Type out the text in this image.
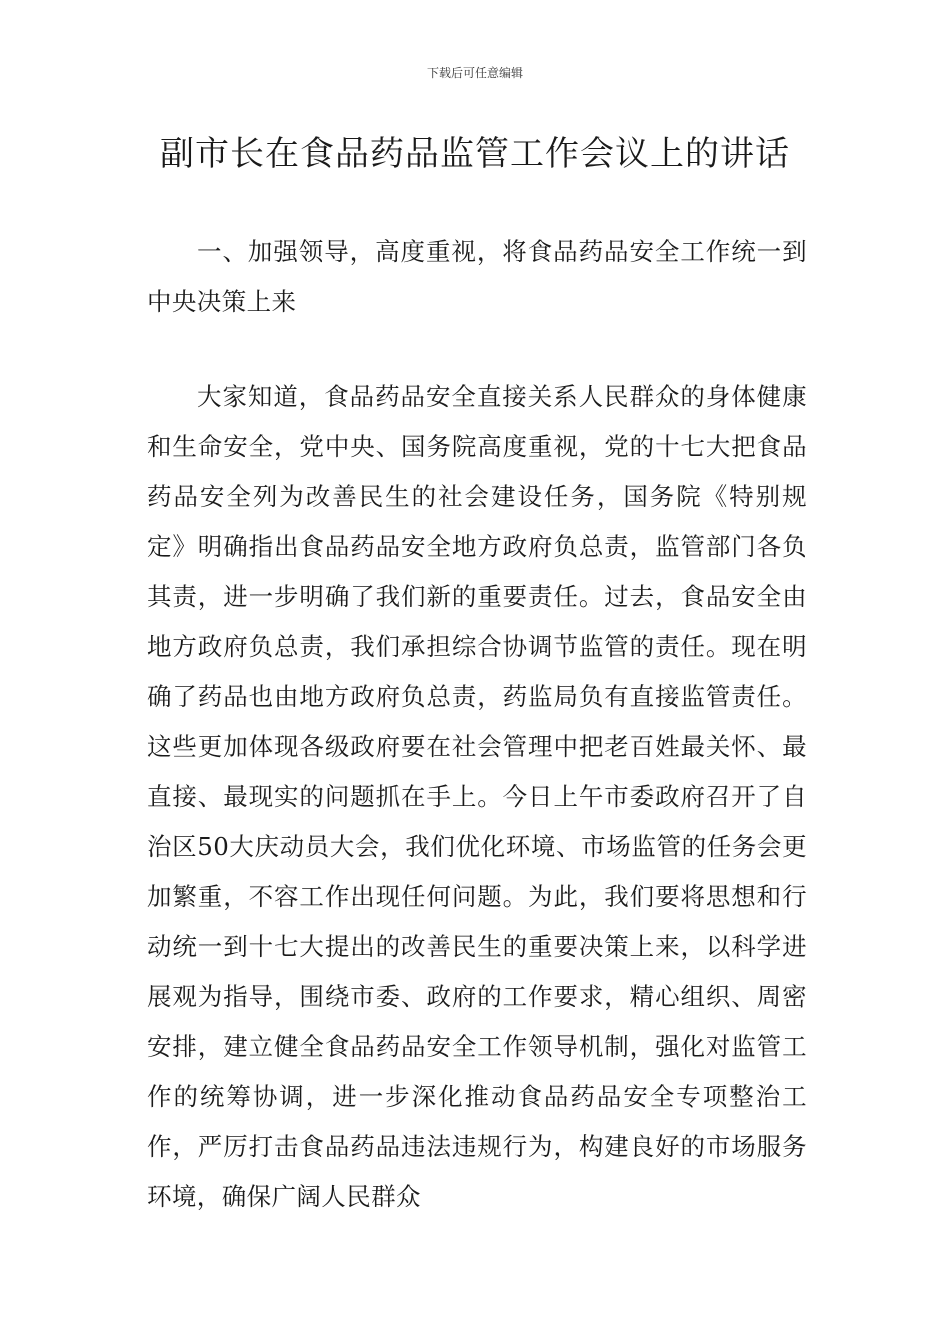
下载后可任意编辑
副市长在食品药品监管工作会议上的讲话

一、加强领导，高度重视，将食品药品安全工作统一到中央决策上来

大家知道，食品药品安全直接关系人民群众的身体健康和生命安全，党中央、国务院高度重视，党的十七大把食品药品安全列为改善民生的社会建设任务，国务院《特别规定》明确指出食品药品安全地方政府负总责，监管部门各负其责，进一步明确了我们新的重要责任。过去，食品安全由地方政府负总责，我们承担综合协调节监管的责任。现在明确了药品也由地方政府负总责，药监局负有直接监管责任。这些更加体现各级政府要在社会管理中把老百姓最关怀、最直接、最现实的问题抓在手上。今日上午市委政府召开了自治区50大庆动员大会，我们优化环境、市场监管的任务会更加繁重，不容工作出现任何问题。为此，我们要将思想和行动统一到十七大提出的改善民生的重要决策上来，以科学进展观为指导，围绕市委、政府的工作要求，精心组织、周密安排，建立健全食品药品安全工作领导机制，强化对监管工作的统筹协调，进一步深化推动食品药品安全专项整治工作，严厉打击食品药品违法违规行为，构建良好的市场服务环境，确保广阔人民群众
